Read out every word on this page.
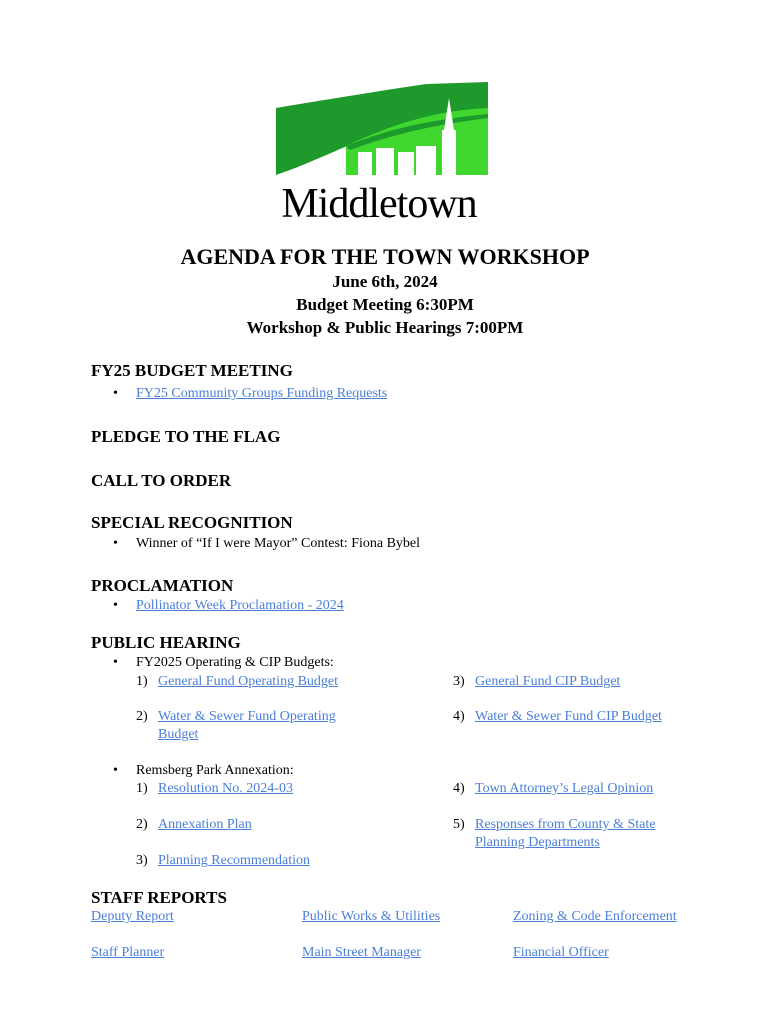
Middletown
AGENDA FOR THE TOWN WORKSHOP
June 6th, 2024
Budget Meeting 6:30PM
Workshop & Public Hearings 7:00PM
FY25 BUDGET MEETING
• FY25 Community Groups Funding Requests
PLEDGE TO THE FLAG
CALL TO ORDER
SPECIAL RECOGNITION
• Winner of “If I were Mayor” Contest: Fiona Bybel
PROCLAMATION
• Pollinator Week Proclamation - 2024
PUBLIC HEARING
• FY2025 Operating & CIP Budgets:
1) General Fund Operating Budget
2) Water & Sewer Fund Operating
Budget
3) General Fund CIP Budget
4) Water & Sewer Fund CIP Budget
• Remsberg Park Annexation:
1) Resolution No. 2024-03
2) Annexation Plan
3) Planning Recommendation
4) Town Attorney’s Legal Opinion
5) Responses from County & State
Planning Departments
STAFF REPORTS
Deputy Report	Public Works & Utilities	Zoning & Code Enforcement
Staff Planner	Main Street Manager	Financial Officer
